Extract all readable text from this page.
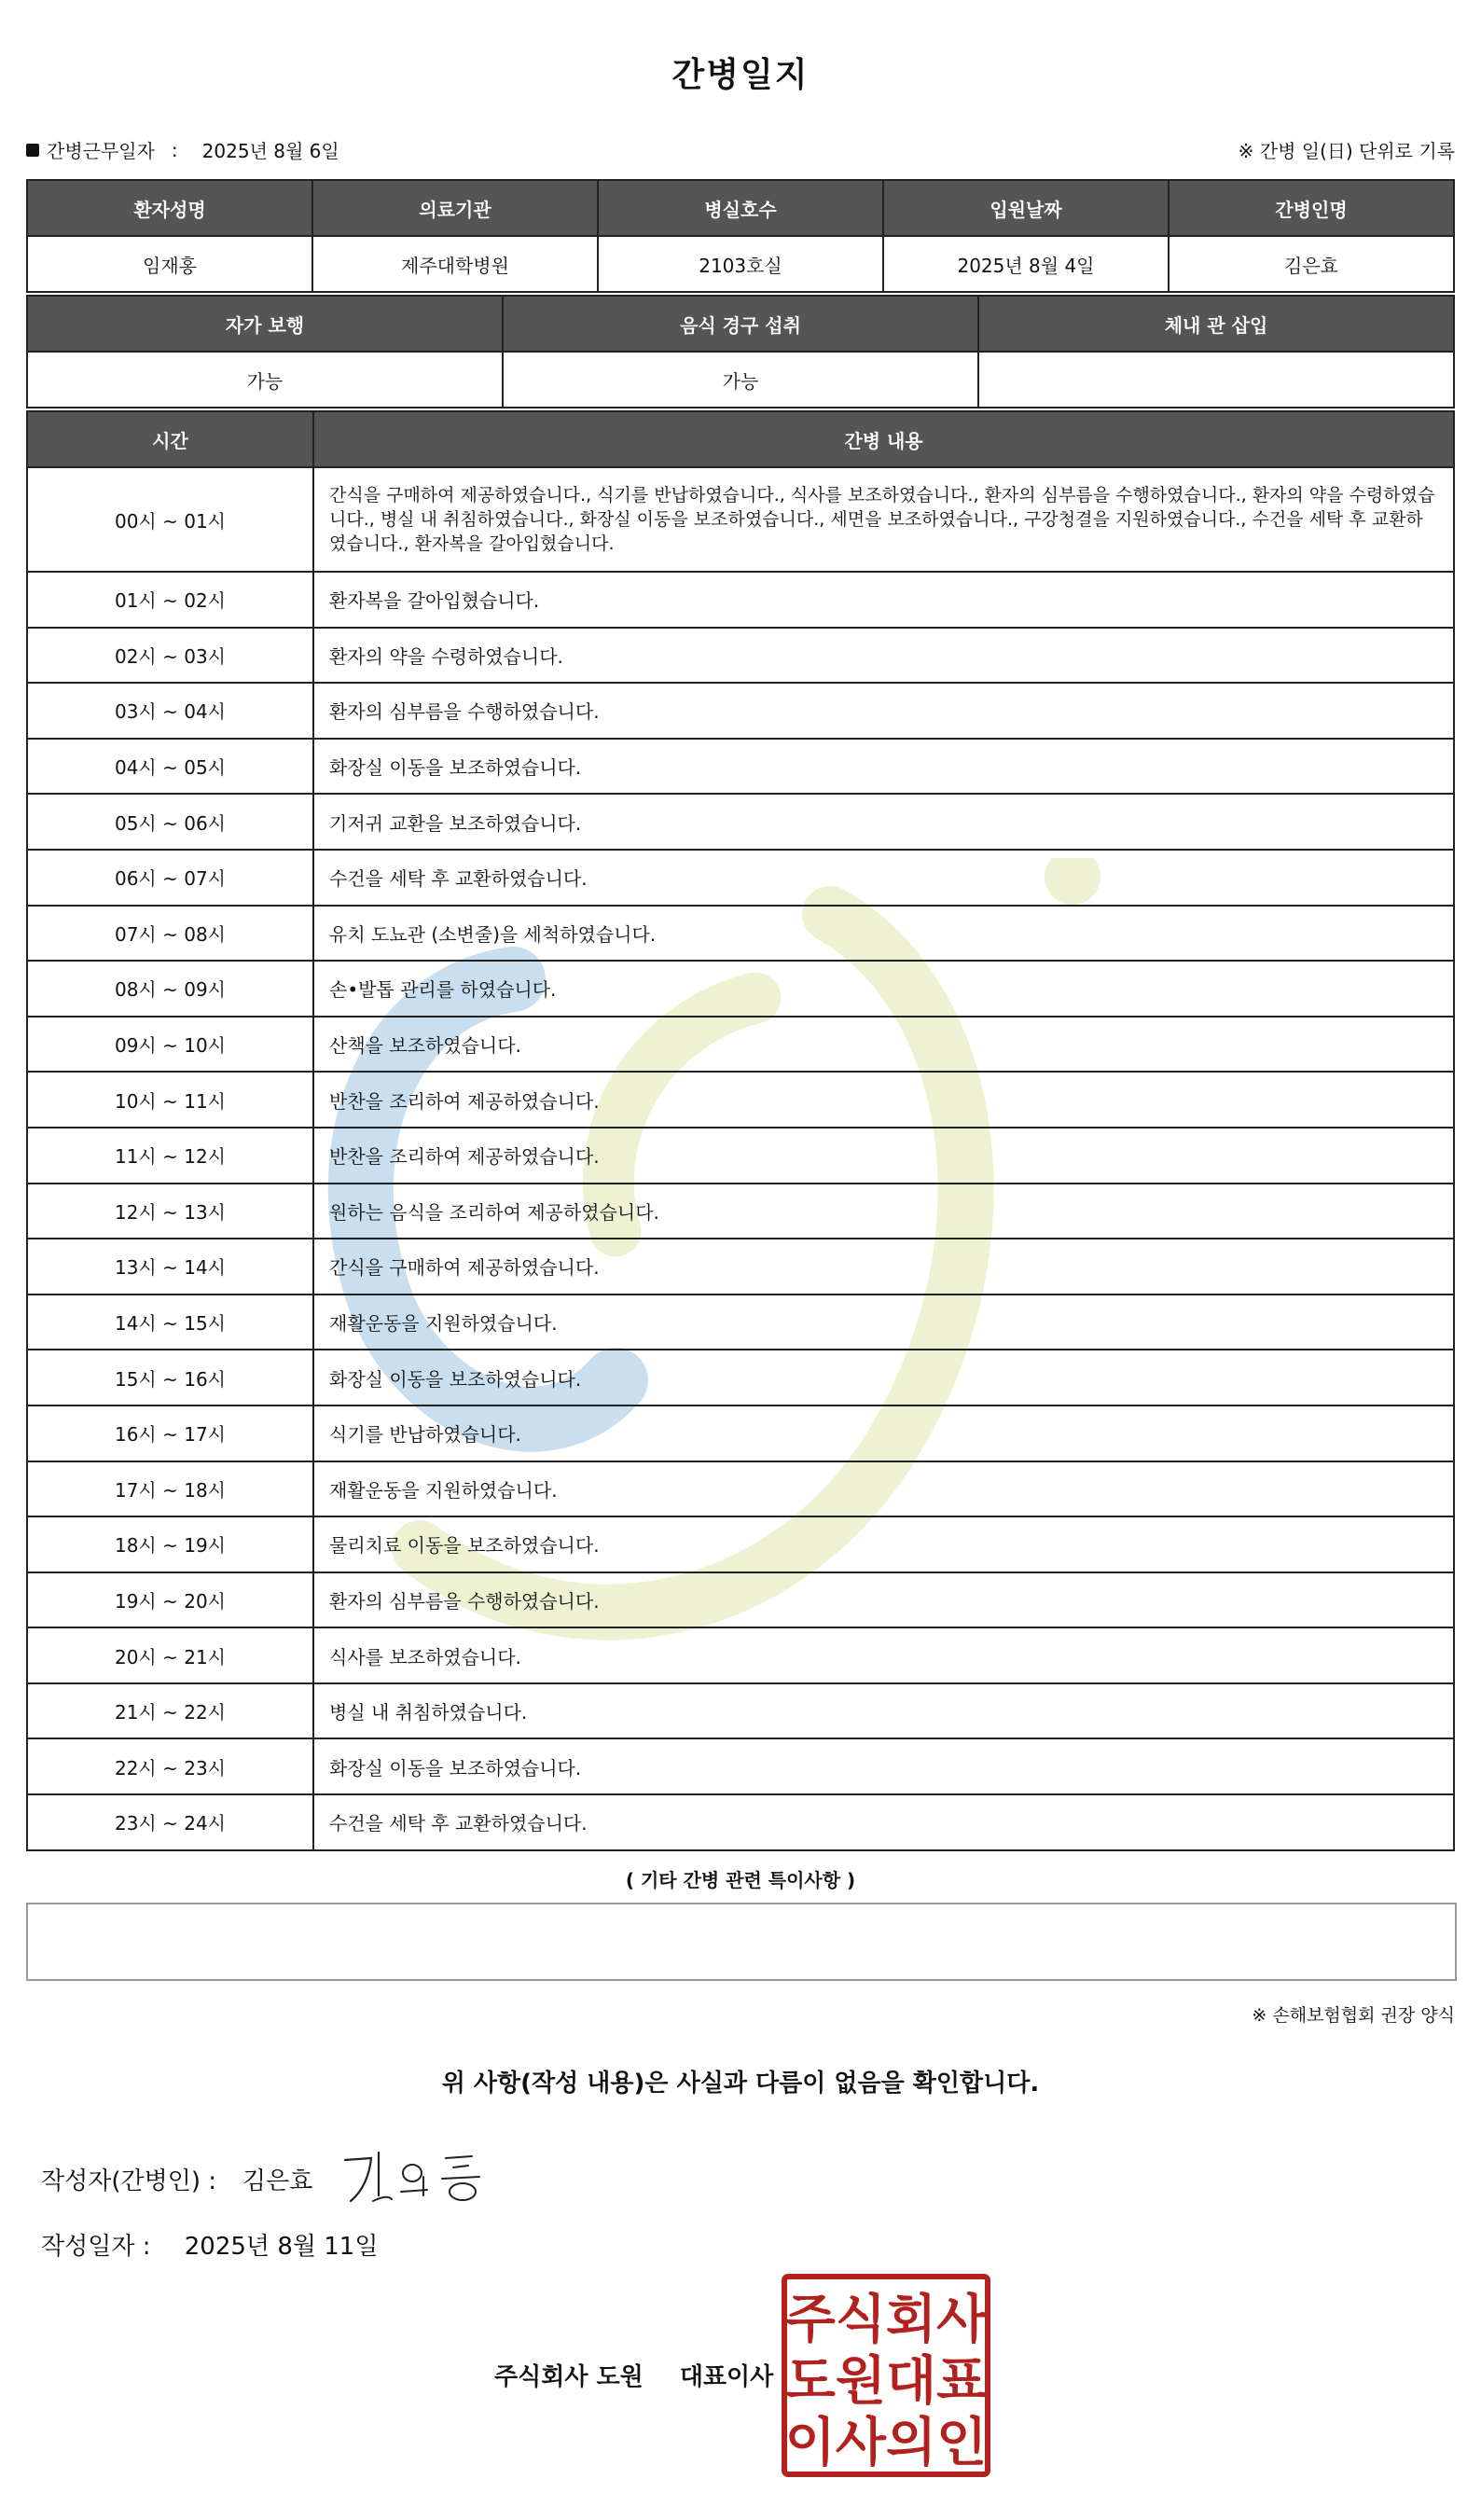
간병일지
간병근무일자 : 2025년 8월 6일	※ 간병 일(日) 단위로 기록
환자성명	의료기관	병실호수	입원날짜	간병인명
임재홍	제주대학병원	2103호실	2025년 8월 4일	김은효
자가 보행	음식 경구 섭취	체내 관 삽입
가능	가능	
시간	간병 내용
00시 ~ 01시	간식을 구매하여 제공하였습니다., 식기를 반납하였습니다., 식사를 보조하였습니다., 환자의 심부름을 수행하였습니다., 환자의 약을 수령하였습니다., 병실 내 취침하였습니다., 화장실 이동을 보조하였습니다., 세면을 보조하였습니다., 구강청결을 지원하였습니다., 수건을 세탁 후 교환하였습니다., 환자복을 갈아입혔습니다.
01시 ~ 02시	환자복을 갈아입혔습니다.
02시 ~ 03시	환자의 약을 수령하였습니다.
03시 ~ 04시	환자의 심부름을 수행하였습니다.
04시 ~ 05시	화장실 이동을 보조하였습니다.
05시 ~ 06시	기저귀 교환을 보조하였습니다.
06시 ~ 07시	수건을 세탁 후 교환하였습니다.
07시 ~ 08시	유치 도뇨관 (소변줄)을 세척하였습니다.
08시 ~ 09시	손•발톱 관리를 하였습니다.
09시 ~ 10시	산책을 보조하였습니다.
10시 ~ 11시	반찬을 조리하여 제공하였습니다.
11시 ~ 12시	반찬을 조리하여 제공하였습니다.
12시 ~ 13시	원하는 음식을 조리하여 제공하였습니다.
13시 ~ 14시	간식을 구매하여 제공하였습니다.
14시 ~ 15시	재활운동을 지원하였습니다.
15시 ~ 16시	화장실 이동을 보조하였습니다.
16시 ~ 17시	식기를 반납하였습니다.
17시 ~ 18시	재활운동을 지원하였습니다.
18시 ~ 19시	물리치료 이동을 보조하였습니다.
19시 ~ 20시	환자의 심부름을 수행하였습니다.
20시 ~ 21시	식사를 보조하였습니다.
21시 ~ 22시	병실 내 취침하였습니다.
22시 ~ 23시	화장실 이동을 보조하였습니다.
23시 ~ 24시	수건을 세탁 후 교환하였습니다.
( 기타 간병 관련 특이사항 )
※ 손해보험협회 권장 양식
위 사항(작성 내용)은 사실과 다름이 없음을 확인합니다.
작성자(간병인) : 김은효
작성일자 : 2025년 8월 11일
주식회사 도원 대표이사
주식회사
도원대표
이사의인
